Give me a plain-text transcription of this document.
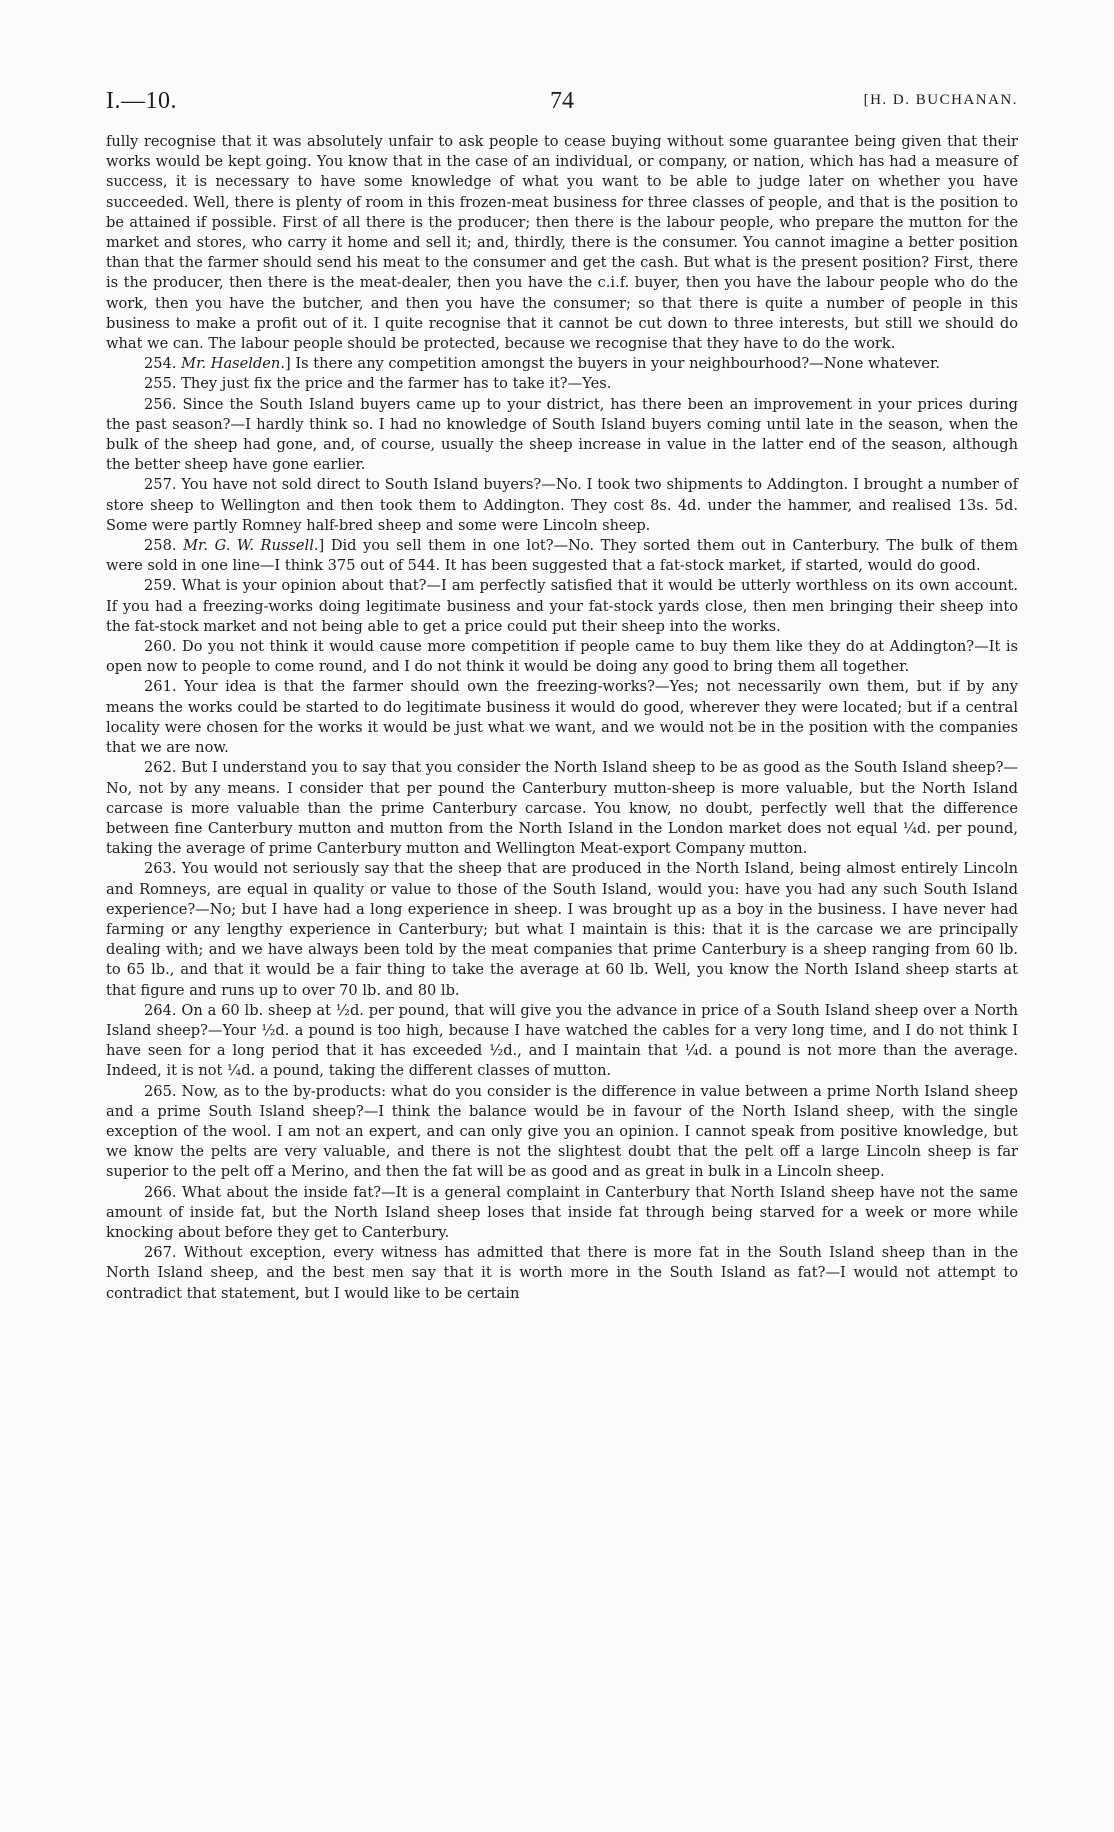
I.—10.	74	[H. D. BUCHANAN.

fully recognise that it was absolutely unfair to ask people to cease buying without some guarantee being given that their works would be kept going. You know that in the case of an individual, or company, or nation, which has had a measure of success, it is necessary to have some knowledge of what you want to be able to judge later on whether you have succeeded. Well, there is plenty of room in this frozen-meat business for three classes of people, and that is the position to be attained if possible. First of all there is the producer; then there is the labour people, who prepare the mutton for the market and stores, who carry it home and sell it; and, thirdly, there is the consumer. You cannot imagine a better position than that the farmer should send his meat to the consumer and get the cash. But what is the present position? First, there is the producer, then there is the meat-dealer, then you have the c.i.f. buyer, then you have the labour people who do the work, then you have the butcher, and then you have the consumer; so that there is quite a number of people in this business to make a profit out of it. I quite recognise that it cannot be cut down to three interests, but still we should do what we can. The labour people should be protected, because we recognise that they have to do the work.

254. Mr. Haselden.] Is there any competition amongst the buyers in your neighbourhood?—None whatever.

255. They just fix the price and the farmer has to take it?—Yes.

256. Since the South Island buyers came up to your district, has there been an improvement in your prices during the past season?—I hardly think so. I had no knowledge of South Island buyers coming until late in the season, when the bulk of the sheep had gone, and, of course, usually the sheep increase in value in the latter end of the season, although the better sheep have gone earlier.

257. You have not sold direct to South Island buyers?—No. I took two shipments to Addington. I brought a number of store sheep to Wellington and then took them to Addington. They cost 8s. 4d. under the hammer, and realised 13s. 5d. Some were partly Romney half-bred sheep and some were Lincoln sheep.

258. Mr. G. W. Russell.] Did you sell them in one lot?—No. They sorted them out in Canterbury. The bulk of them were sold in one line—I think 375 out of 544. It has been suggested that a fat-stock market, if started, would do good.

259. What is your opinion about that?—I am perfectly satisfied that it would be utterly worthless on its own account. If you had a freezing-works doing legitimate business and your fat-stock yards close, then men bringing their sheep into the fat-stock market and not being able to get a price could put their sheep into the works.

260. Do you not think it would cause more competition if people came to buy them like they do at Addington?—It is open now to people to come round, and I do not think it would be doing any good to bring them all together.

261. Your idea is that the farmer should own the freezing-works?—Yes; not necessarily own them, but if by any means the works could be started to do legitimate business it would do good, wherever they were located; but if a central locality were chosen for the works it would be just what we want, and we would not be in the position with the companies that we are now.

262. But I understand you to say that you consider the North Island sheep to be as good as the South Island sheep?—No, not by any means. I consider that per pound the Canterbury mutton-sheep is more valuable, but the North Island carcase is more valuable than the prime Canterbury carcase. You know, no doubt, perfectly well that the difference between fine Canterbury mutton and mutton from the North Island in the London market does not equal ¼d. per pound, taking the average of prime Canterbury mutton and Wellington Meat-export Company mutton.

263. You would not seriously say that the sheep that are produced in the North Island, being almost entirely Lincoln and Romneys, are equal in quality or value to those of the South Island, would you: have you had any such South Island experience?—No; but I have had a long experience in sheep. I was brought up as a boy in the business. I have never had farming or any lengthy experience in Canterbury; but what I maintain is this: that it is the carcase we are principally dealing with; and we have always been told by the meat companies that prime Canterbury is a sheep ranging from 60 lb. to 65 lb., and that it would be a fair thing to take the average at 60 lb. Well, you know the North Island sheep starts at that figure and runs up to over 70 lb. and 80 lb.

264. On a 60 lb. sheep at ½d. per pound, that will give you the advance in price of a South Island sheep over a North Island sheep?—Your ½d. a pound is too high, because I have watched the cables for a very long time, and I do not think I have seen for a long period that it has exceeded ½d., and I maintain that ¼d. a pound is not more than the average. Indeed, it is not ¼d. a pound, taking the different classes of mutton.

265. Now, as to the by-products: what do you consider is the difference in value between a prime North Island sheep and a prime South Island sheep?—I think the balance would be in favour of the North Island sheep, with the single exception of the wool. I am not an expert, and can only give you an opinion. I cannot speak from positive knowledge, but we know the pelts are very valuable, and there is not the slightest doubt that the pelt off a large Lincoln sheep is far superior to the pelt off a Merino, and then the fat will be as good and as great in bulk in a Lincoln sheep.

266. What about the inside fat?—It is a general complaint in Canterbury that North Island sheep have not the same amount of inside fat, but the North Island sheep loses that inside fat through being starved for a week or more while knocking about before they get to Canterbury.

267. Without exception, every witness has admitted that there is more fat in the South Island sheep than in the North Island sheep, and the best men say that it is worth more in the South Island as fat?—I would not attempt to contradict that statement, but I would like to be certain
